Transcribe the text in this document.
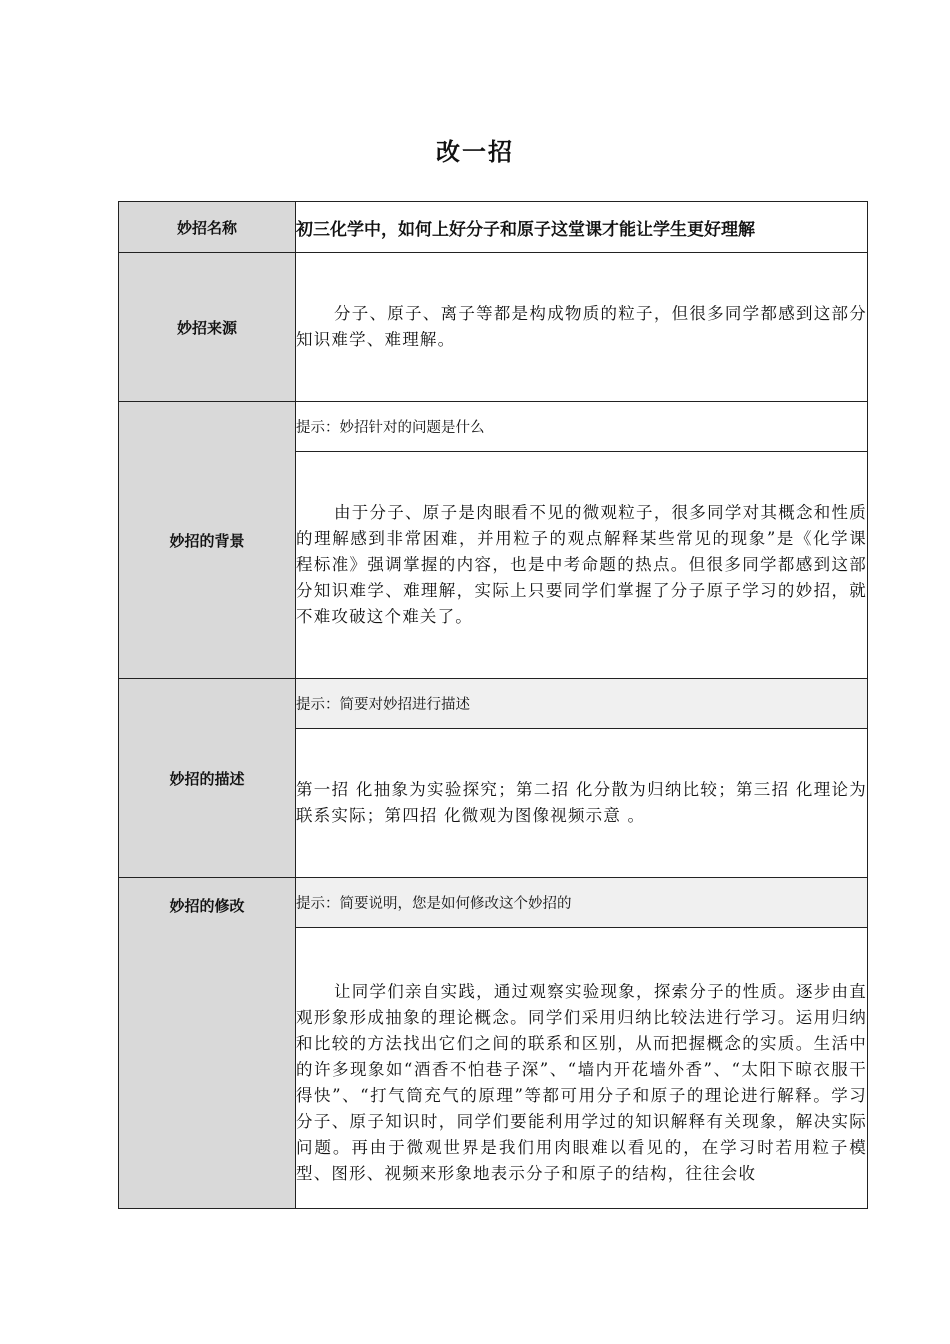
改一招
妙招名称	初三化学中，如何上好分子和原子这堂课才能让学生更好理解
妙招来源	分子、原子、离子等都是构成物质的粒子，但很多同学都感到这部分知识难学、难理解。

妙招的背景	提示：妙招针对的问题是什么

	由于分子、原子是肉眼看不见的微观粒子，很多同学对其概念和性质的理解感到非常困难，并用粒子的观点解释某些常见的现象”是《化学课程标准》强调掌握的内容，也是中考命题的热点。但很多同学都感到这部分知识难学、难理解，实际上只要同学们掌握了分子原子学习的妙招，就不难攻破这个难关了。

妙招的描述	提示：简要对妙招进行描述

	第一招 化抽象为实验探究；第二招 化分散为归纳比较；第三招 化理论为联系实际；第四招 化微观为图像视频示意 。

妙招的修改	提示：简要说明，您是如何修改这个妙招的

	让同学们亲自实践，通过观察实验现象，探索分子的性质。逐步由直观形象形成抽象的理论概念。同学们采用归纳比较法进行学习。运用归纳和比较的方法找出它们之间的联系和区别，从而把握概念的实质。生活中的许多现象如“酒香不怕巷子深”、“墙内开花墙外香”、“太阳下晾衣服干得快”、“打气筒充气的原理”等都可用分子和原子的理论进行解释。学习分子、原子知识时，同学们要能利用学过的知识解释有关现象，解决实际问题。再由于微观世界是我们用肉眼难以看见的，在学习时若用粒子模型、图形、视频来形象地表示分子和原子的结构，往往会收
